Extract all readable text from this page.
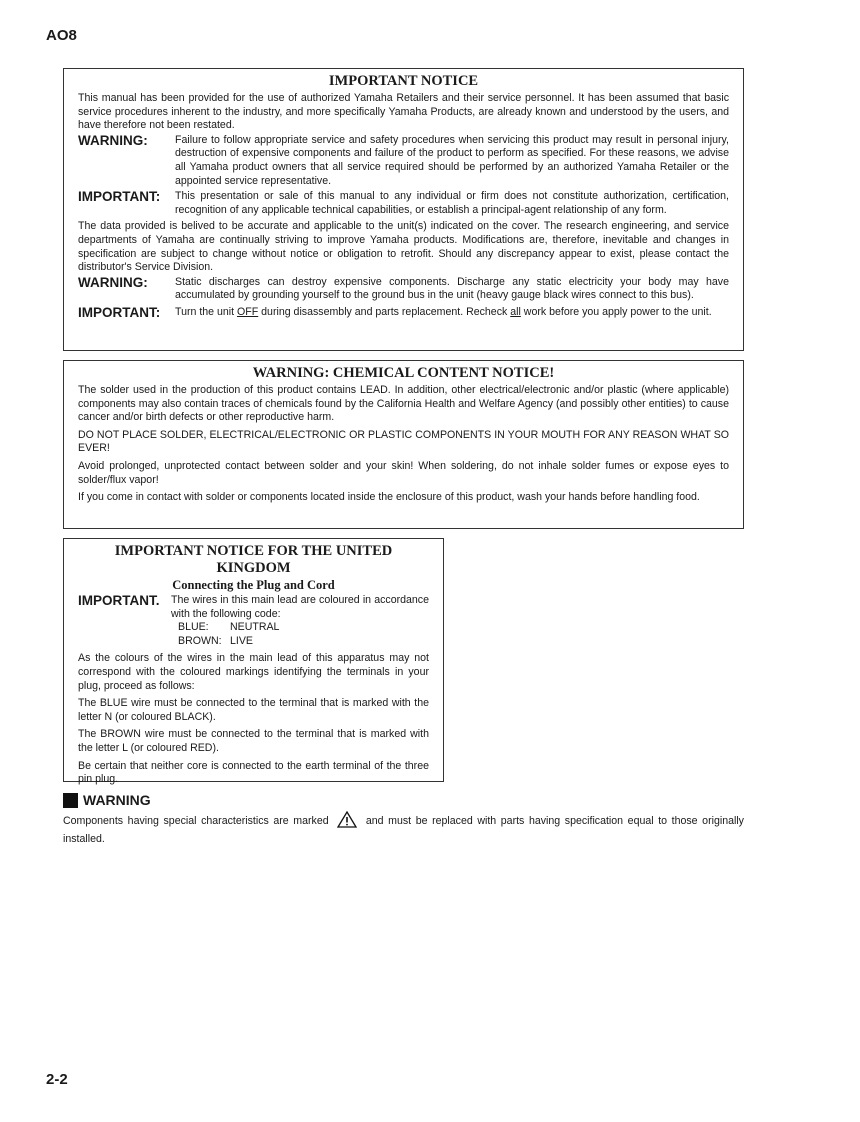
AO8
IMPORTANT NOTICE

This manual has been provided for the use of authorized Yamaha Retailers and their service personnel. It has been assumed that basic service procedures inherent to the industry, and more specifically Yamaha Products, are already known and understood by the users, and have therefore not been restated.

WARNING:	Failure to follow appropriate service and safety procedures when servicing this product may result in personal injury, destruction of expensive components and failure of the product to perform as specified. For these reasons, we advise all Yamaha product owners that all service required should be performed by an authorized Yamaha Retailer or the appointed service representative.
IMPORTANT:	This presentation or sale of this manual to any individual or firm does not constitute authorization, certification, recognition of any applicable technical capabilities, or establish a principal-agent relationship of any form.

The data provided is belived to be accurate and applicable to the unit(s) indicated on the cover. The research engineering, and service departments of Yamaha are continually striving to improve Yamaha products. Modifications are, therefore, inevitable and changes in specification are subject to change without notice or obligation to retrofit. Should any discrepancy appear to exist, please contact the distributor's Service Division.

WARNING:	Static discharges can destroy expensive components. Discharge any static electricity your body may have accumulated by grounding yourself to the ground bus in the unit (heavy gauge black wires connect to this bus).
IMPORTANT:	Turn the unit OFF during disassembly and parts replacement. Recheck all work before you apply power to the unit.
WARNING: CHEMICAL CONTENT NOTICE!

The solder used in the production of this product contains LEAD. In addition, other electrical/electronic and/or plastic (where applicable) components may also contain traces of chemicals found by the California Health and Welfare Agency (and possibly other entities) to cause cancer and/or birth defects or other reproductive harm.

DO NOT PLACE SOLDER, ELECTRICAL/ELECTRONIC OR PLASTIC COMPONENTS IN YOUR MOUTH FOR ANY REASON WHAT SO EVER!

Avoid prolonged, unprotected contact between solder and your skin! When soldering, do not inhale solder fumes or expose eyes to solder/flux vapor!

If you come in contact with solder or components located inside the enclosure of this product, wash your hands before handling food.

IMPORTANT NOTICE FOR THE UNITED KINGDOM
Connecting the Plug and Cord
IMPORTANT.	The wires in this main lead are coloured in accordance with the following code:
BLUE: NEUTRAL
BROWN: LIVE

As the colours of the wires in the main lead of this apparatus may not correspond with the coloured markings identifying the terminals in your plug, proceed as follows:

The BLUE wire must be connected to the terminal that is marked with the letter N (or coloured BLACK).

The BROWN wire must be connected to the terminal that is marked with the letter L (or coloured RED).

Be certain that neither core is connected to the earth terminal of the three pin plug.

WARNING
Components having special characteristics are marked	and must be replaced with parts having specification equal to those originally installed.
2-2
